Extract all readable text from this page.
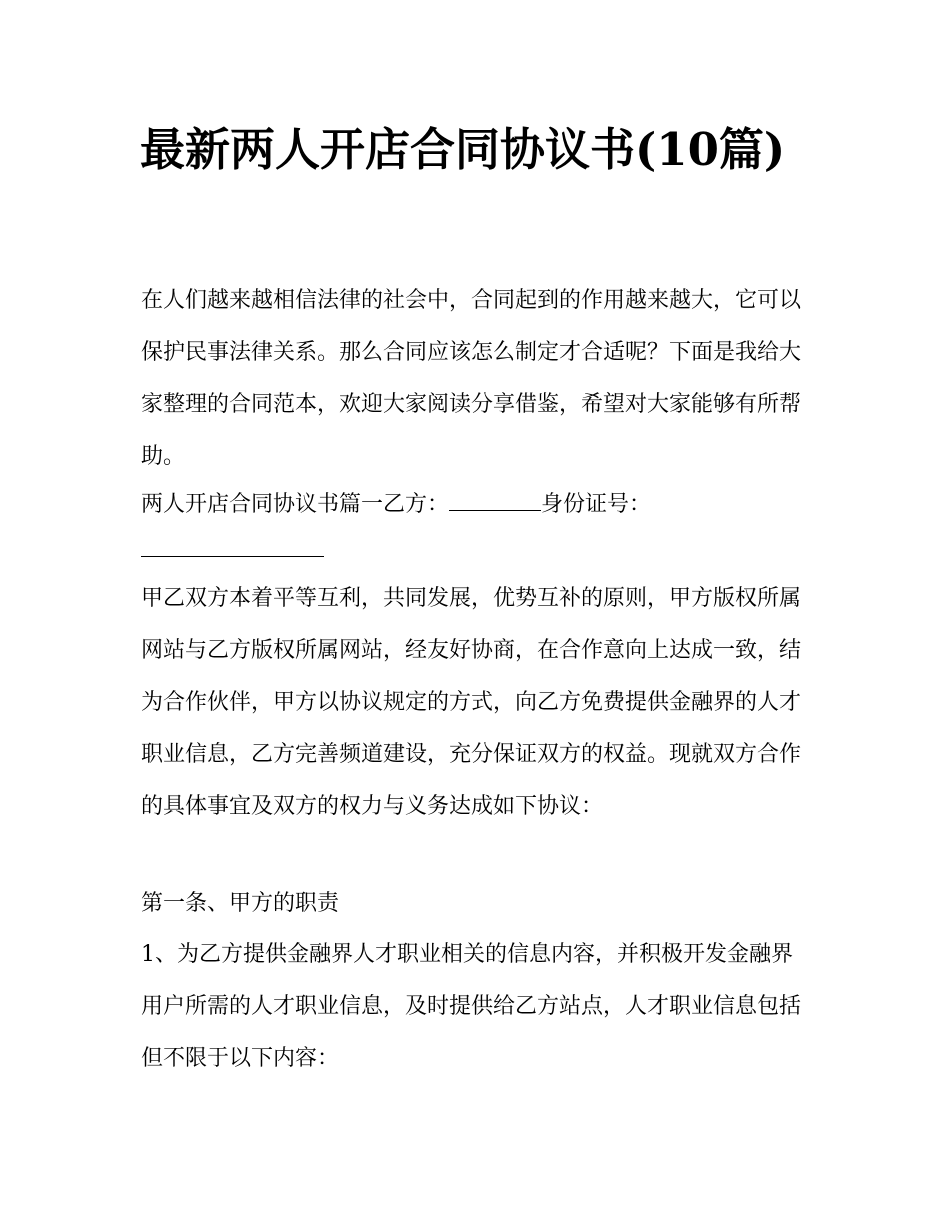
最新两人开店合同协议书(10篇)

在人们越来越相信法律的社会中，合同起到的作用越来越大，它可以保护民事法律关系。那么合同应该怎么制定才合适呢？下面是我给大家整理的合同范本，欢迎大家阅读分享借鉴，希望对大家能够有所帮助。

两人开店合同协议书篇一乙方：	身份证号：

甲乙双方本着平等互利，共同发展，优势互补的原则，甲方版权所属网站与乙方版权所属网站，经友好协商，在合作意向上达成一致，结为合作伙伴，甲方以协议规定的方式，向乙方免费提供金融界的人才职业信息，乙方完善频道建设，充分保证双方的权益。现就双方合作的具体事宜及双方的权力与义务达成如下协议：

第一条、甲方的职责

1、为乙方提供金融界人才职业相关的信息内容，并积极开发金融界用户所需的人才职业信息，及时提供给乙方站点，人才职业信息包括但不限于以下内容：
